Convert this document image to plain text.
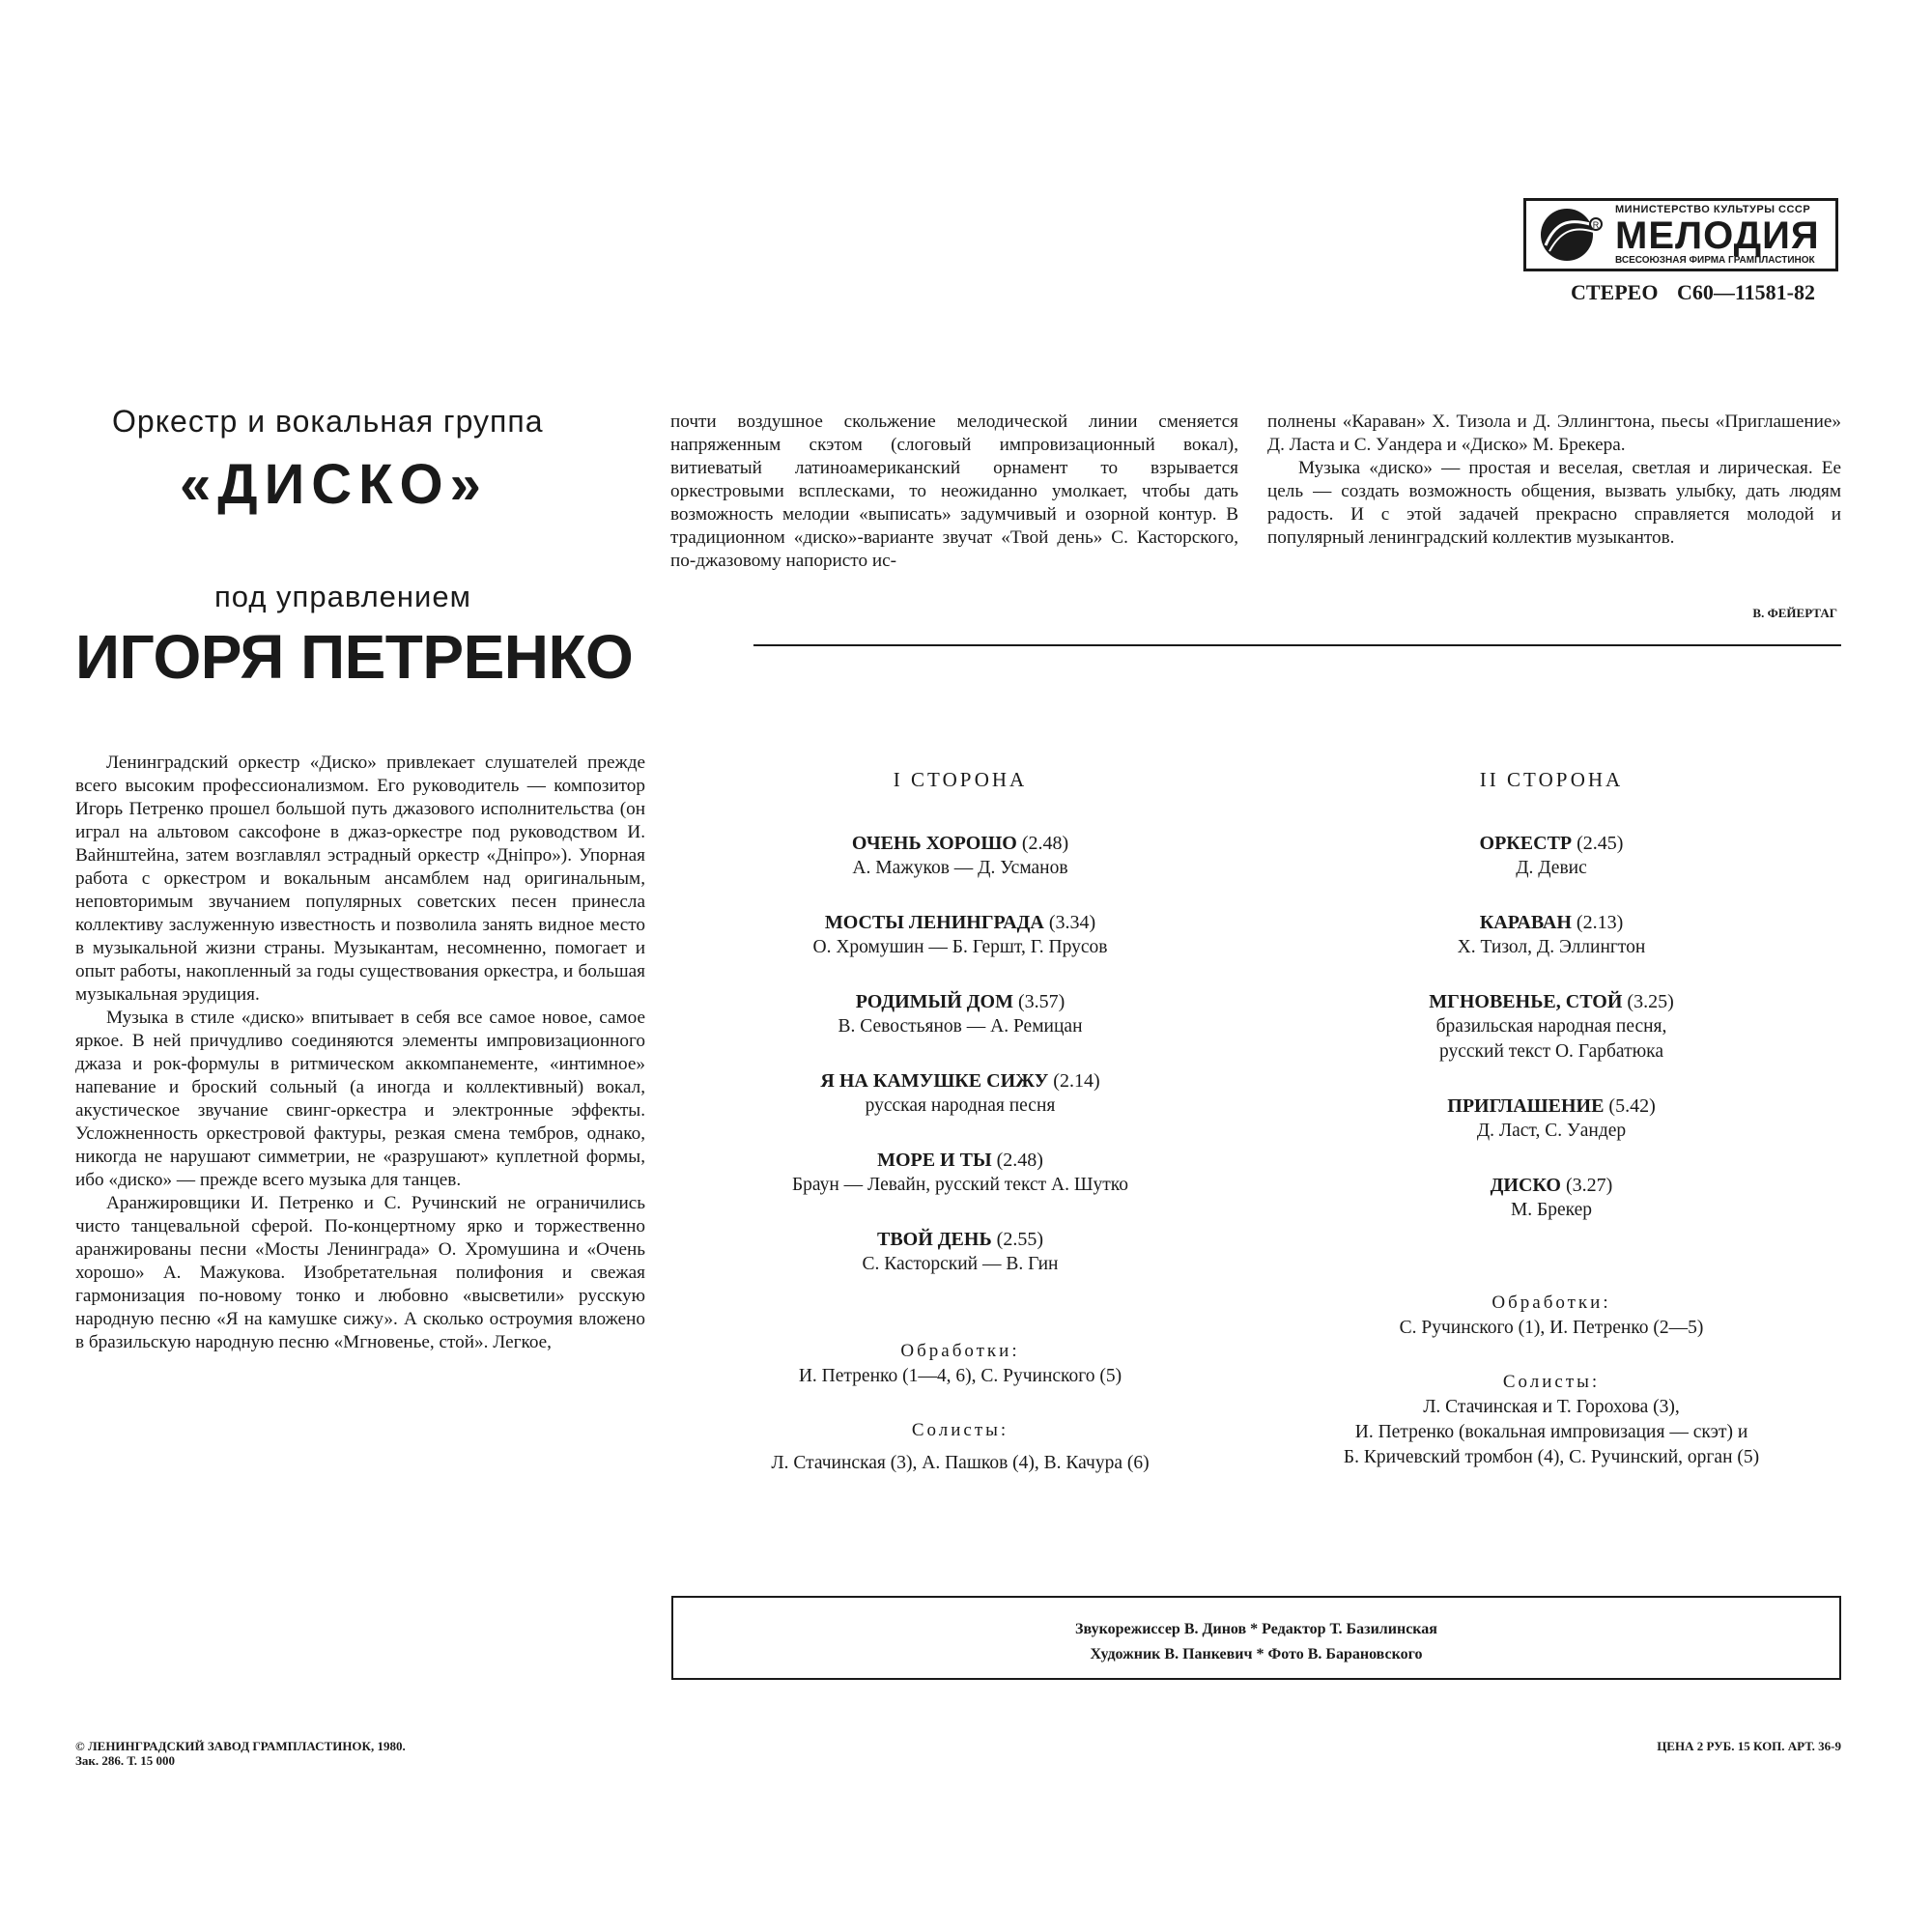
R
МИНИСТЕРСТВО КУЛЬТУРЫ СССР
МЕЛОДИЯ
ВСЕСОЮЗНАЯ ФИРМА ГРАМПЛАСТИНОК
СТЕРЕО С60—11581-82
Оркестр и вокальная группа
«ДИСКО»
под управлением
ИГОРЯ ПЕТРЕНКО

Ленинградский оркестр «Диско» привлекает слушателей прежде всего высоким профессионализмом. Его руководитель — композитор Игорь Петренко прошел большой путь джазового исполнительства (он играл на альтовом саксофоне в джаз-оркестре под руководством И. Вайнштейна, затем возглавлял эстрадный оркестр «Дніпро»). Упорная работа с оркестром и вокальным ансамблем над оригинальным, неповторимым звучанием популярных советских песен принесла коллективу заслуженную известность и позволила занять видное место в музыкальной жизни страны. Музыкантам, несомненно, помогает и опыт работы, накопленный за годы существования оркестра, и большая музыкальная эрудиция.

Музыка в стиле «диско» впитывает в себя все самое новое, самое яркое. В ней причудливо соединяются элементы импровизационного джаза и рок-формулы в ритмическом аккомпанементе, «интимное» напевание и броский сольный (а иногда и коллективный) вокал, акустическое звучание свинг-оркестра и электронные эффекты. Усложненность оркестровой фактуры, резкая смена тембров, однако, никогда не нарушают симметрии, не «разрушают» куплетной формы, ибо «диско» — прежде всего музыка для танцев.

Аранжировщики И. Петренко и С. Ручинский не ограничились чисто танцевальной сферой. По-концертному ярко и торжественно аранжированы песни «Мосты Ленинграда» О. Хромушина и «Очень хорошо» А. Мажукова. Изобретательная полифония и свежая гармонизация по-новому тонко и любовно «высветили» русскую народную песню «Я на камушке сижу». А сколько остроумия вложено в бразильскую народную песню «Мгновенье, стой». Легкое,

почти воздушное скольжение мелодической линии сменяется напряженным скэтом (слоговый импровизационный вокал), витиеватый латиноамериканский орнамент то взрывается оркестровыми всплесками, то неожиданно умолкает, чтобы дать возможность мелодии «выписать» задумчивый и озорной контур. В традиционном «диско»-варианте звучат «Твой день» С. Касторского, по-джазовому напористо ис-

полнены «Караван» Х. Тизола и Д. Эллингтона, пьесы «Приглашение» Д. Ласта и С. Уандера и «Диско» М. Брекера.

Музыка «диско» — простая и веселая, светлая и лирическая. Ее цель — создать возможность общения, вызвать улыбку, дать людям радость. И с этой задачей прекрасно справляется молодой и популярный ленинградский коллектив музыкантов.

В. ФЕЙЕРТАГ
I СТОРОНА
ОЧЕНЬ ХОРОШО (2.48)
А. Мажуков — Д. Усманов
МОСТЫ ЛЕНИНГРАДА (3.34)
О. Хромушин — Б. Гершт, Г. Прусов
РОДИМЫЙ ДОМ (3.57)
В. Севостьянов — А. Ремицан
Я НА КАМУШКЕ СИЖУ (2.14)
русская народная песня
МОРЕ И ТЫ (2.48)
Браун — Левайн, русский текст А. Шутко
ТВОЙ ДЕНЬ (2.55)
С. Касторский — В. Гин
Обработки:
И. Петренко (1—4, 6), С. Ручинского (5)
Солисты:
Л. Стачинская (3), А. Пашков (4), В. Качура (6)
II СТОРОНА
ОРКЕСТР (2.45)
Д. Девис
КАРАВАН (2.13)
Х. Тизол, Д. Эллингтон
МГНОВЕНЬЕ, СТОЙ (3.25)
бразильская народная песня,
русский текст О. Гарбатюка
ПРИГЛАШЕНИЕ (5.42)
Д. Ласт, С. Уандер
ДИСКО (3.27)
М. Брекер
Обработки:
С. Ручинского (1), И. Петренко (2—5)
Солисты:
Л. Стачинская и Т. Горохова (3),
И. Петренко (вокальная импровизация — скэт) и
Б. Кричевский тромбон (4), С. Ручинский, орган (5)
Звукорежиссер В. Динов * Редактор Т. Базилинская
Художник В. Панкевич * Фото В. Барановского
© ЛЕНИНГРАДСКИЙ ЗАВОД ГРАМПЛАСТИНОК, 1980.
Зак. 286. Т. 15 000
ЦЕНА 2 РУБ. 15 КОП. АРТ. 36-9
